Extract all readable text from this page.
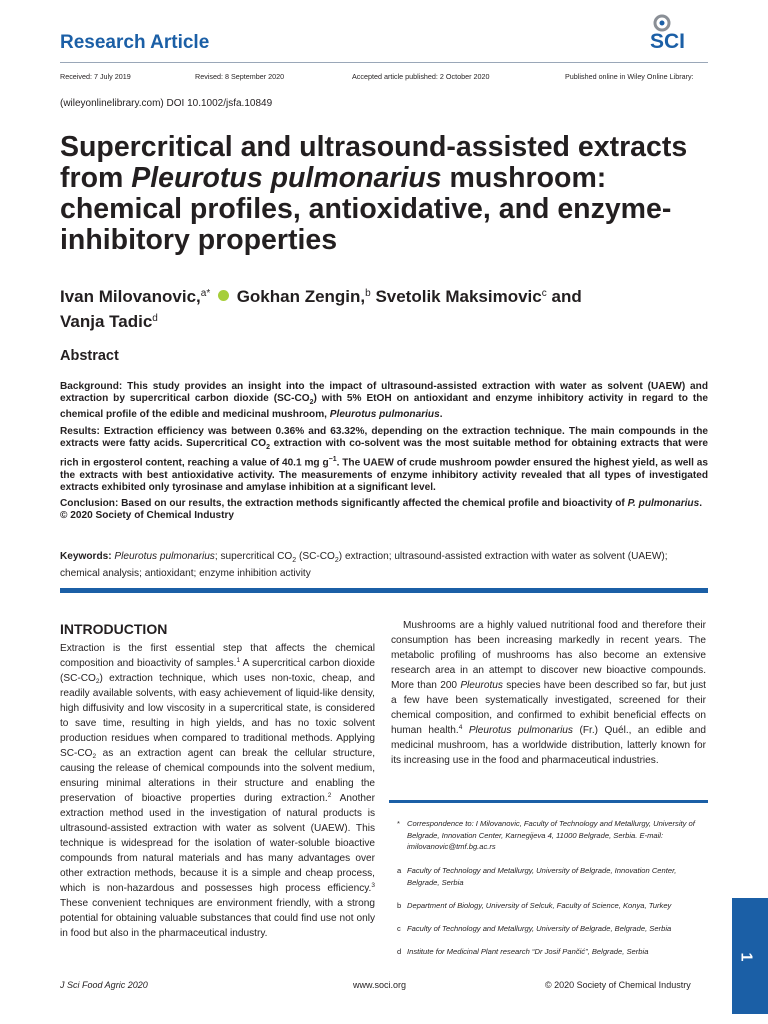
Research Article	SCI
Received: 7 July 2019	Revised: 8 September 2020	Accepted article published: 2 October 2020	Published online in Wiley Online Library:
(wileyonlinelibrary.com) DOI 10.1002/jsfa.10849
Supercritical and ultrasound-assisted extracts from Pleurotus pulmonarius mushroom: chemical profiles, antioxidative, and enzyme-inhibitory properties
Ivan Milovanovic,$^{a*}$ Gokhan Zengin,$^b$ Svetolik Maksimovic$^c$ and
Vanja Tadic$^d$
Abstract
Background: This study provides an insight into the impact of ultrasound-assisted extraction with water as solvent (UAEW) and extraction by supercritical carbon dioxide $(SC-CO_2)$ with 5% EtOH on antioxidant and enzyme inhibitory activity in regard to the chemical profile of the edible and medicinal mushroom, Pleurotus pulmonarius.
Results: Extraction efficiency was between 0.36% and 63.32%, depending on the extraction technique. The main compounds in the extracts were fatty acids. Supercritical $CO_2$ extraction with co-solvent was the most suitable method for obtaining extracts that were rich in ergosterol content, reaching a value of 40.1 mg $g^{-1}$. The UAEW of crude mushroom powder ensured the highest yield, as well as the extracts with best antioxidative activity. The measurements of enzyme inhibitory activity revealed that all types of investigated extracts exhibited only tyrosinase and amylase inhibition at a significant level.
Conclusion: Based on our results, the extraction methods significantly affected the chemical profile and bioactivity of P. pulmonarius.
© 2020 Society of Chemical Industry
Keywords: Pleurotus pulmonarius; supercritical $CO_2$ $(SC-CO_2)$ extraction; ultrasound-assisted extraction with water as solvent (UAEW); chemical analysis; antioxidant; enzyme inhibition activity
INTRODUCTION
Extraction is the first essential step that affects the chemical composition and bioactivity of samples.$^1$ A supercritical carbon dioxide $(SC-CO_2)$ extraction technique, which uses non-toxic, cheap, and readily available solvents, with easy achievement of liquid-like density, high diffusivity and low viscosity in a supercritical state, is considered to save time, resulting in high yields, and has no toxic solvent production residues when compared to traditional methods. Applying $SC-CO_2$ as an extraction agent can break the cellular structure, causing the release of chemical compounds into the solvent medium, ensuring minimal alterations in their structure and enabling the preservation of bioactive properties during extraction.$^2$ Another extraction method used in the investigation of natural products is ultrasound-assisted extraction with water as solvent (UAEW). This technique is widespread for the isolation of water-soluble bioactive compounds from natural materials and has many advantages over other extraction methods, because it is a simple and cheap process, which is non-hazardous and possesses high process efficiency.$^3$ These convenient techniques are environment friendly, with a strong potential for obtaining valuable substances that could find use not only in food but also in the pharmaceutical industry.
Mushrooms are a highly valued nutritional food and therefore their consumption has been increasing markedly in recent years. The metabolic profiling of mushrooms has also become an extensive research area in an attempt to discover new bioactive compounds. More than 200 Pleurotus species have been described so far, but just a few have been systematically investigated, screened for their chemical composition, and confirmed to exhibit beneficial effects on human health.$^4$ Pleurotus pulmonarius (Fr.) Quél., an edible and medicinal mushroom, has a worldwide distribution, latterly known for its increasing use in the food and pharmaceutical industries.
* Correspondence to: I Milovanovic, Faculty of Technology and Metallurgy, University of Belgrade, Innovation Center, Karnegijeva 4, 11000 Belgrade, Serbia. E-mail: imilovanovic@tmf.bg.ac.rs
a Faculty of Technology and Metallurgy, University of Belgrade, Innovation Center, Belgrade, Serbia
b Department of Biology, University of Selcuk, Faculty of Science, Konya, Turkey
c Faculty of Technology and Metallurgy, University of Belgrade, Belgrade, Serbia
d Institute for Medicinal Plant research “Dr Josif Pančić”, Belgrade, Serbia
J Sci Food Agric 2020	www.soci.org	© 2020 Society of Chemical Industry
1
